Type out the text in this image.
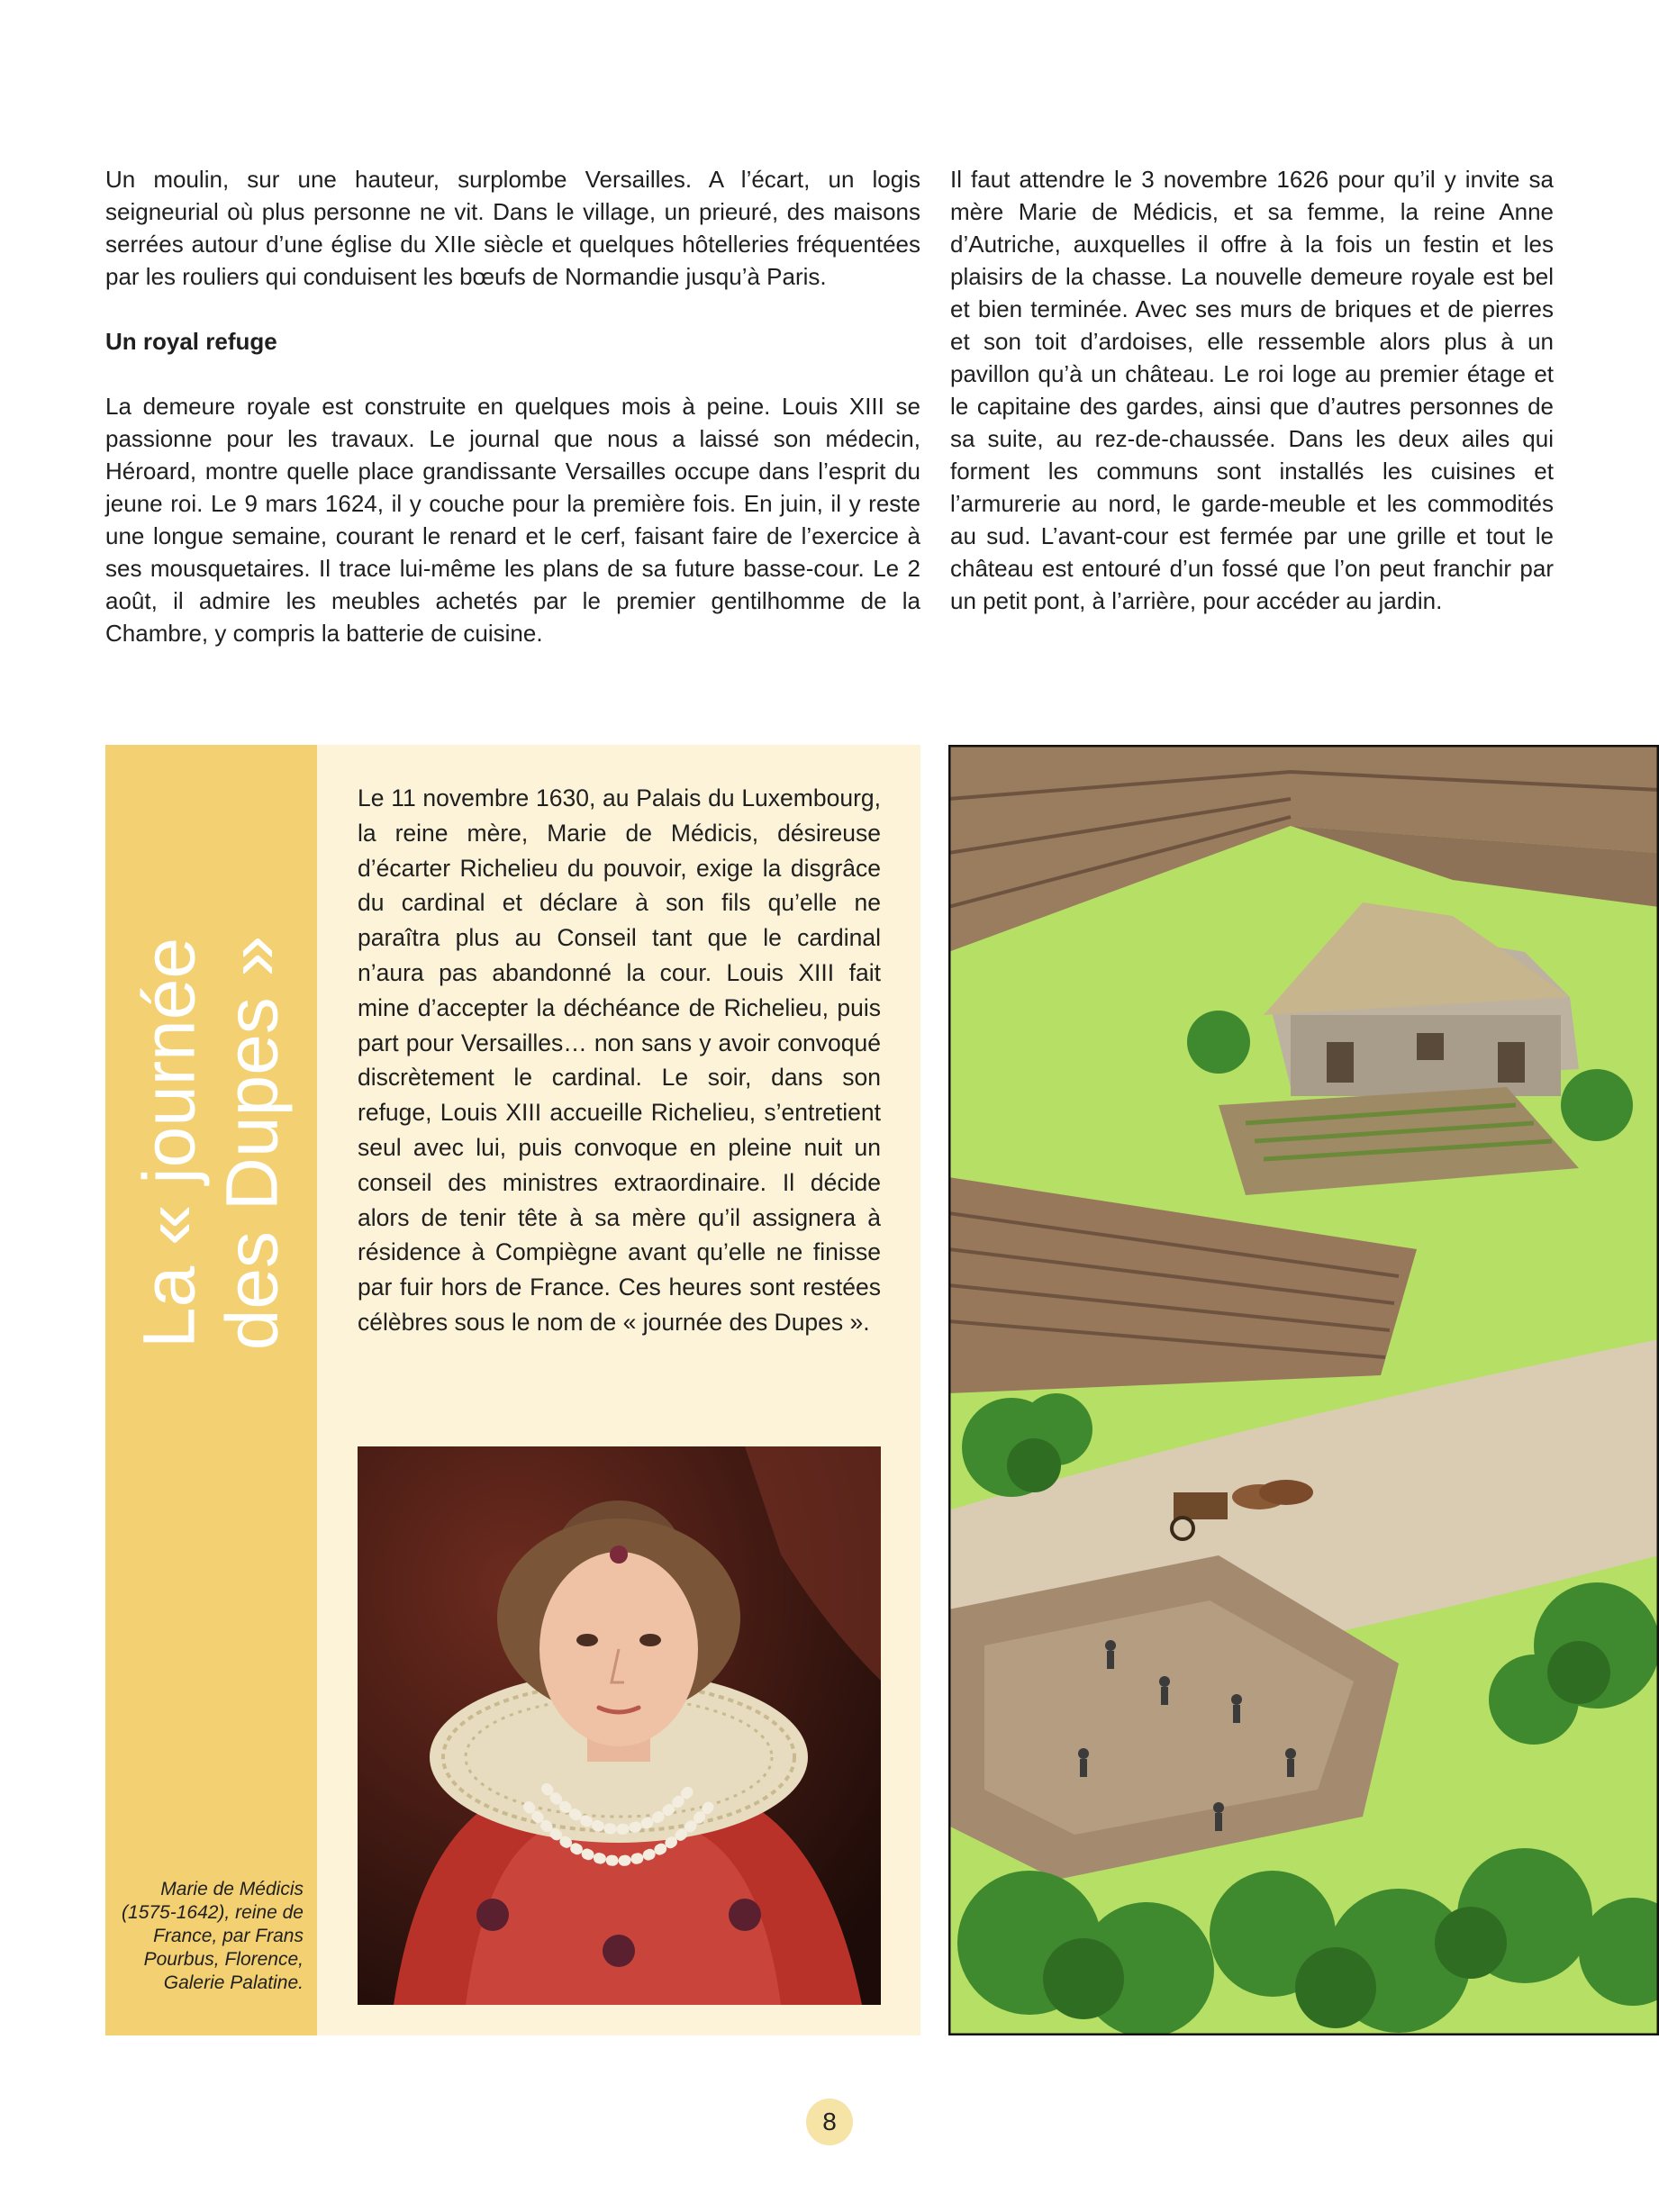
Un moulin, sur une hauteur, surplombe Versailles. A l’écart, un logis seigneurial où plus personne ne vit. Dans le village, un prieuré, des maisons serrées autour d’une église du XIIe siècle et quelques hôtelleries fréquentées par les rouliers qui conduisent les bœufs de Normandie jusqu’à Paris.

Un royal refuge

La demeure royale est construite en quelques mois à peine. Louis XIII se passionne pour les travaux. Le journal que nous a laissé son médecin, Héroard, montre quelle place grandissante Versailles occupe dans l’esprit du jeune roi. Le 9 mars 1624, il y couche pour la première fois. En juin, il y reste une longue semaine, courant le renard et le cerf, faisant faire de l’exercice à ses mousquetaires. Il trace lui-même les plans de sa future basse-cour. Le 2 août, il admire les meubles achetés par le premier gentilhomme de la Chambre, y compris la batterie de cuisine.

Il faut attendre le 3 novembre 1626 pour qu’il y invite sa mère Marie de Médicis, et sa femme, la reine Anne d’Autriche, auxquelles il offre à la fois un festin et les plaisirs de la chasse. La nouvelle demeure royale est bel et bien terminée. Avec ses murs de briques et de pierres et son toit d’ardoises, elle ressemble alors plus à un pavillon qu’à un château. Le roi loge au premier étage et le capitaine des gardes, ainsi que d’autres personnes de sa suite, au rez-de-chaussée. Dans les deux ailes qui forment les communs sont installés les cuisines et l’armurerie au nord, le garde-meuble et les commodités au sud. L’avant-cour est fermée par une grille et tout le château est entouré d’un fossé que l’on peut franchir par un petit pont, à l’arrière, pour accéder au jardin.

La « journée des Dupes »
Le 11 novembre 1630, au Palais du Luxembourg, la reine mère, Marie de Médicis, désireuse d’écarter Richelieu du pouvoir, exige la disgrâce du cardinal et déclare à son fils qu’elle ne paraîtra plus au Conseil tant que le cardinal n’aura pas abandonné la cour. Louis XIII fait mine d’accepter la déchéance de Richelieu, puis part pour Versailles… non sans y avoir convoqué discrètement le cardinal. Le soir, dans son refuge, Louis XIII accueille Richelieu, s’entretient seul avec lui, puis convoque en pleine nuit un conseil des ministres extraordinaire. Il décide alors de tenir tête à sa mère qu’il assignera à résidence à Compiègne avant qu’elle ne finisse par fuir hors de France. Ces heures sont restées célèbres sous le nom de « journée des Dupes ».
Marie de Médicis (1575-1642), reine de France, par Frans Pourbus, Florence, Galerie Palatine.
8
